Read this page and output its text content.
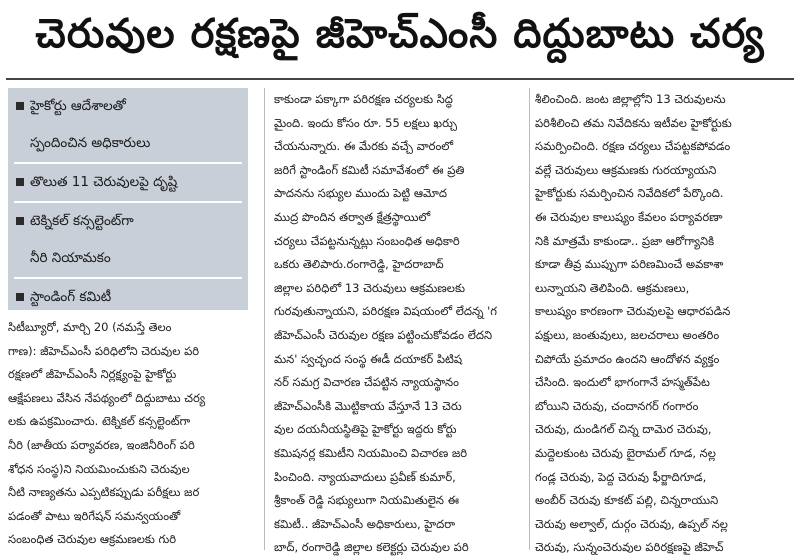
చెరువుల రక్షణపై జీహెచ్ఎంసీ దిద్దుబాటు చర్య
హైకోర్టు ఆదేశాలతో
స్పందించిన అధికారులు
తొలుత 11 చెరువులపై దృష్టి
టెక్నికల్ కన్సల్టెంట్‌గా
నీరి నియామకం
స్టాండింగ్ కమిటీ
సిటీబ్యూరో, మార్చి 20 (నమస్తే తెలం
గాణ): జీహెచ్ఎంసీ పరిధిలోని చెరువుల పరి
రక్షణలో జీహెచ్ఎంసీ నిర్లక్ష్యంపై హైకోర్టు
ఆక్షేపణలు వేసిన నేపథ్యంలో దిద్దుబాటు చర్య
లకు ఉపక్రమించారు. టెక్నికల్ కన్సల్టెంట్‌గా
నీరి (జాతీయ పర్యావరణ, ఇంజినీరింగ్ పరి
శోధన సంస్థ)ని నియమించుకుని చెరువుల
నీటి నాణ్యతను ఎప్పటికప్పుడు పరీక్షలు జర
పడంతో పాటు ఇరిగేషన్ సమన్వయంతో
సంబంధిత చెరువుల ఆక్రమణలకు గురి
కాకుండా పక్కాగా పరిరక్షణ చర్యలకు సిద్ధ
మైంది. ఇందు కోసం రూ. 55 లక్షలు ఖర్చు
చేయనున్నారు. ఈ మేరకు వచ్చే వారంలో
జరిగే స్టాండింగ్ కమిటీ సమావేశంలో ఈ ప్రతి
పాదనను సభ్యుల ముందు పెట్టి ఆమోద
ముద్ర పొందిన తర్వాత క్షేత్రస్థాయిలో
చర్యలు చేపట్టనున్నట్లు సంబంధిత అధికారి
ఒకరు తెలిపారు.రంగారెడ్డి, హైదరాబాద్
జిల్లాల పరిధిలో 13 చెరువులు ఆక్రమణలకు
గురవుతున్నాయని, పరిరక్షణ విషయంలో లేదన్న 'గ
జీహెచ్ఎంసీ చెరువుల రక్షణ పట్టించుకోవడం లేదని
మన' స్వచ్ఛంద సంస్థ ఈడీ దయాకర్ పిటిష
నర్ సమగ్ర విచారణ చేపట్టిన న్యాయస్థానం
జీహెచ్ఎంసీకి మొట్టికాయ వేస్తూనే 13 చెరు
వుల దయనీయస్థితిపై హైకోర్టు ఇద్దరు కోర్టు
కమిషనర్ల కమిటీని నియమించి విచారణ జరి
పించింది. న్యాయవాదులు ప్రవీణ్ కుమార్,
శ్రీకాంత్ రెడ్డి సభ్యులుగా నియమితులైన ఈ
కమిటీ.. జీహెచ్ఎంసీ అధికారులు, హైదరా
బాద్, రంగారెడ్డి జిల్లాల కలెక్టర్లు చెరువుల పరి
శీలించింది. జంట జిల్లాల్లోని 13 చెరువులను
పరిశీలించి తమ నివేదికను ఇటీవల హైకోర్టుకు
సమర్పించింది. రక్షణ చర్యలు చేపట్టకపోవడం
వల్లే చెరువులు ఆక్రమణకు గురయ్యాయని
హైకోర్టుకు సమర్పించిన నివేదికలో పేర్కొంది.
ఈ చెరువుల కాలుష్యం కేవలం పర్యావరణా
నికి మాత్రమే కాకుండా.. ప్రజా ఆరోగ్యానికి
కూడా తీవ్ర ముప్పుగా పరిణమించే అవకాశా
లున్నాయని తెలిపింది. ఆక్రమణలు,
కాలుష్యం కారణంగా చెరువులపై ఆధారపడిన
పక్షులు, జంతువులు, జలచరాలు అంతరిం
చిపోయే ప్రమాదం ఉందని ఆందోళన వ్యక్తం
చేసింది. ఇందులో భాగంగానే హస్మత్‌పేట
బోయిని చెరువు, చందానగర్ గంగారం
చెరువు, దుండిగల్ చిన్న దామెర చెరువు,
మద్దెలకుంట చెరువు బైరామల్ గూడ, నల్ల
గండ్ల చెరువు, పెద్ద చెరువు ఫీర్జాదిగూడ,
అంబీర్ చెరువు కూకట్ పల్లి, చిన్నరాయుని
చెరువు అల్వాల్, దుర్గం చెరువు, ఉప్పల్ నల్ల
చెరువు, సున్నంచెరువుల పరిరక్షణపై జీహెచ్
